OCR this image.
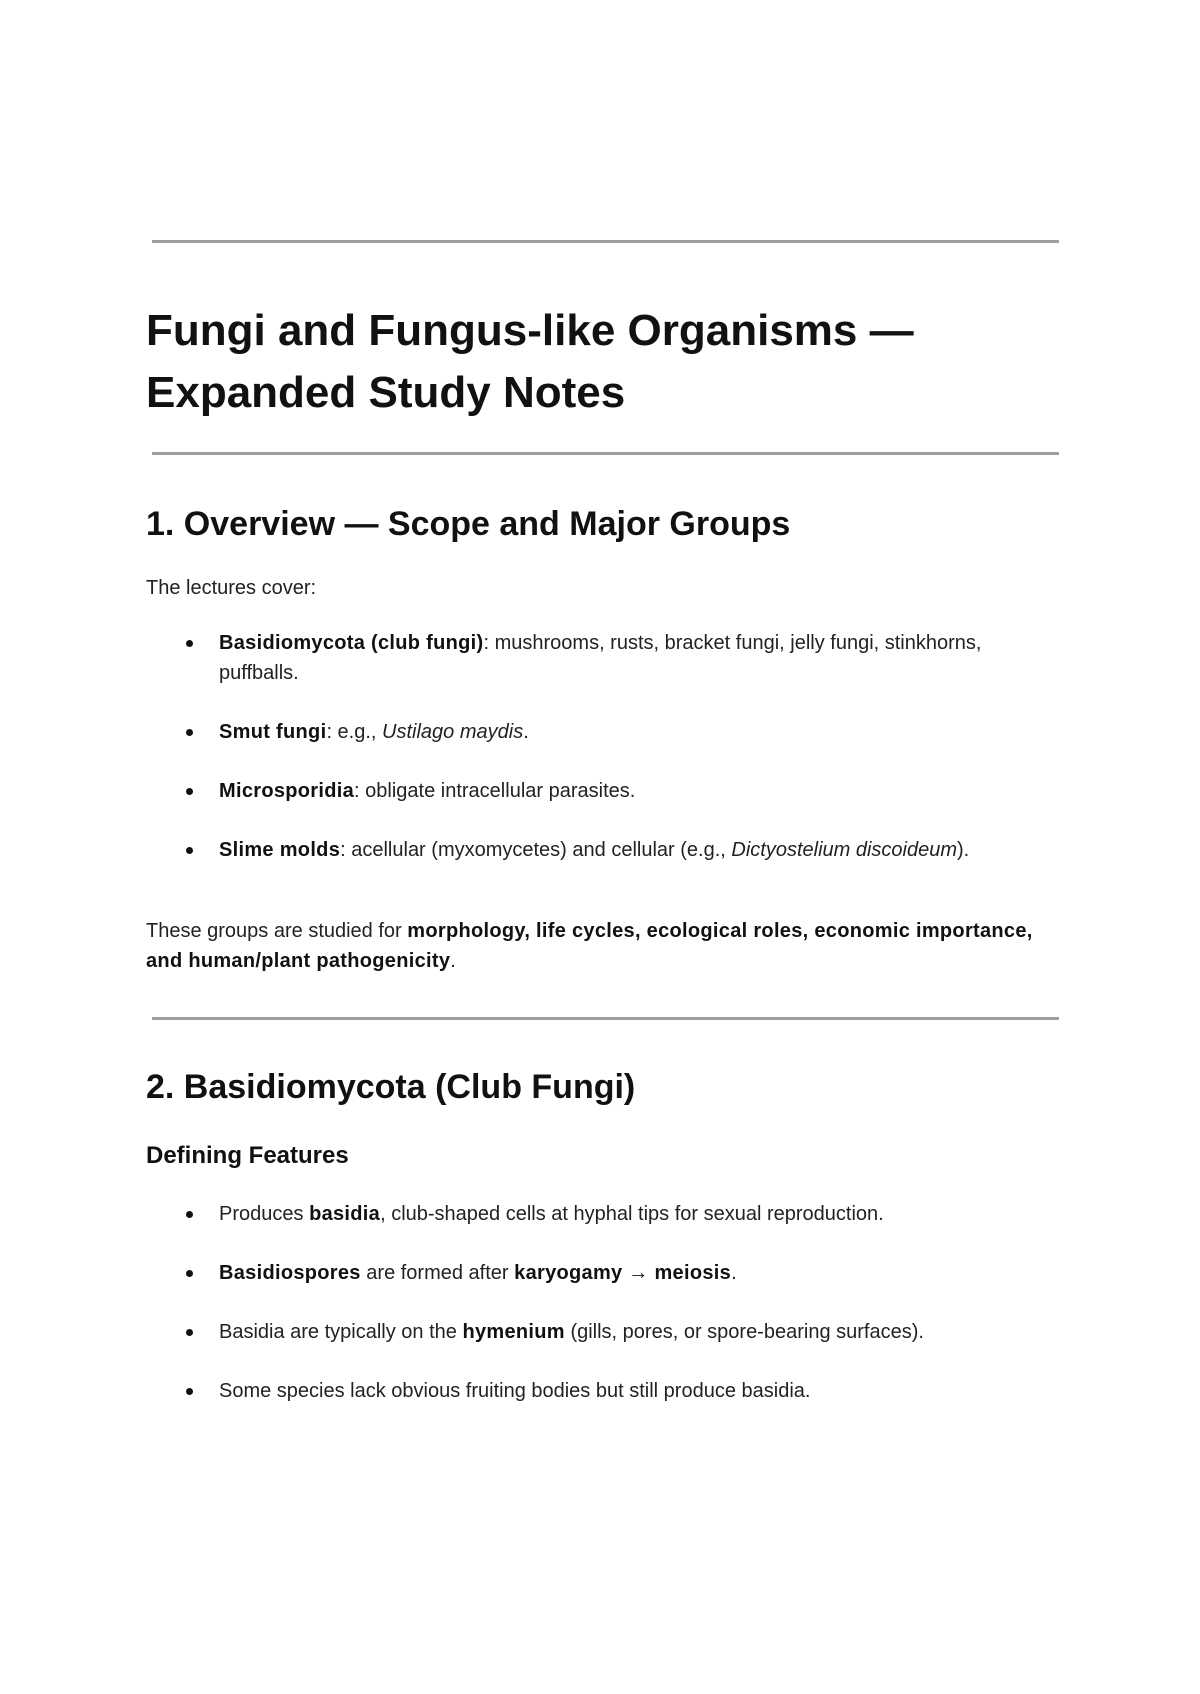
Fungi and Fungus-like Organisms —
Expanded Study Notes
1. Overview — Scope and Major Groups

The lectures cover:

Basidiomycota (club fungi): mushrooms, rusts, bracket fungi, jelly fungi, stinkhorns, puffballs.
Smut fungi: e.g., Ustilago maydis.
Microsporidia: obligate intracellular parasites.
Slime molds: acellular (myxomycetes) and cellular (e.g., Dictyostelium discoideum).

These groups are studied for morphology, life cycles, ecological roles, economic importance, and human/plant pathogenicity.

2. Basidiomycota (Club Fungi)
Defining Features
Produces basidia, club-shaped cells at hyphal tips for sexual reproduction.
Basidiospores are formed after karyogamy → meiosis.
Basidia are typically on the hymenium (gills, pores, or spore-bearing surfaces).
Some species lack obvious fruiting bodies but still produce basidia.
